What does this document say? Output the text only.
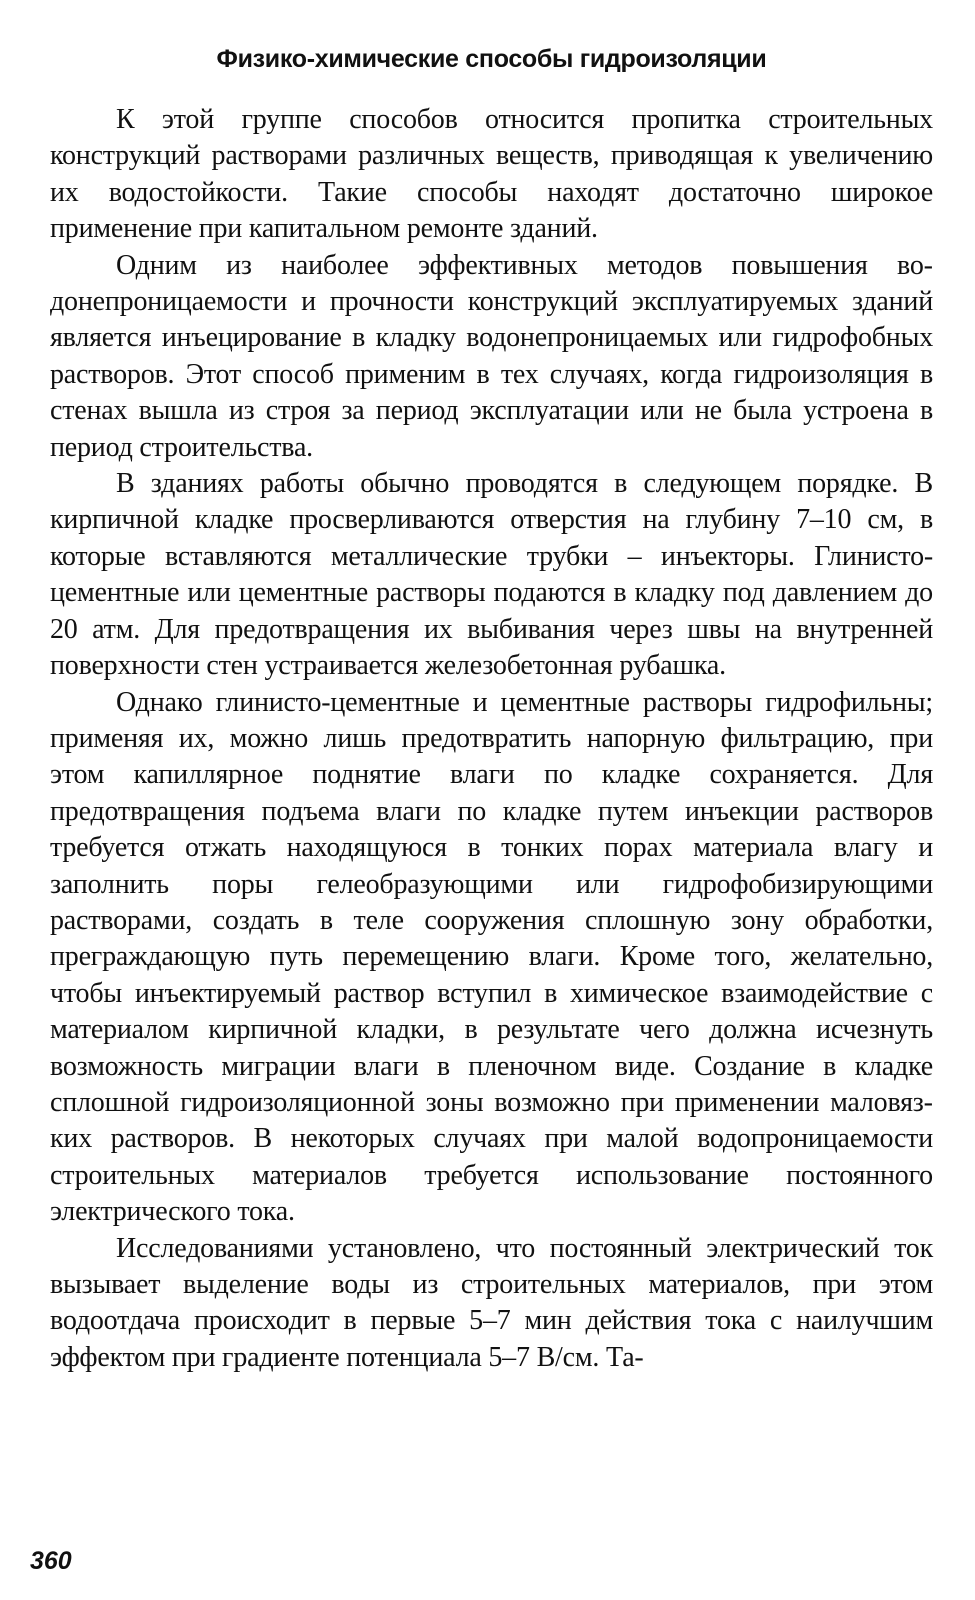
Физико-химические способы гидроизоляции

К этой группе способов относится пропитка строительных конструкций растворами различных веществ, приводящая к увеличению их водостойкости. Такие способы находят достаточно широкое применение при капитальном ремонте зданий.

Одним из наиболее эффективных методов повышения водонепроницаемости и прочности конструкций эксплуатируемых зданий является инъецирование в кладку водонепроницаемых или гидрофобных растворов. Этот способ применим в тех случаях, когда гидроизоляция в стенах вышла из строя за период эксплуатации или не была устроена в период строительства.

В зданиях работы обычно проводятся в следующем порядке. В кирпичной кладке просверливаются отверстия на глубину 7–10 см, в которые вставляются металлические трубки – инъекторы. Глинисто-цементные или цементные растворы подаются в кладку под давлением до 20 атм. Для предотвращения их выбивания через швы на внутренней поверхности стен устраивается железобетонная рубашка.

Однако глинисто-цементные и цементные растворы гидрофильны; применяя их, можно лишь предотвратить напорную фильтрацию, при этом капиллярное поднятие влаги по кладке сохраняется. Для предотвращения подъема влаги по кладке путем инъекции растворов требуется отжать находящуюся в тонких порах материала влагу и заполнить поры гелеобразующими или гидрофобизирующими растворами, создать в теле сооружения сплошную зону обработки, преграждающую путь перемещению влаги. Кроме того, желательно, чтобы инъектируемый раствор вступил в химическое взаимодействие с материалом кирпичной кладки, в результате чего должна исчезнуть возможность миграции влаги в пленочном виде. Создание в кладке сплошной гидроизоляционной зоны возможно при применении маловязких растворов. В некоторых случаях при малой водопроницаемости строительных материалов требуется использование постоянного электрического тока.

Исследованиями установлено, что постоянный электрический ток вызывает выделение воды из строительных материалов, при этом водоотдача происходит в первые 5–7 мин действия тока с наилучшим эффектом при градиенте потенциала 5–7 В/см. Та-

360
